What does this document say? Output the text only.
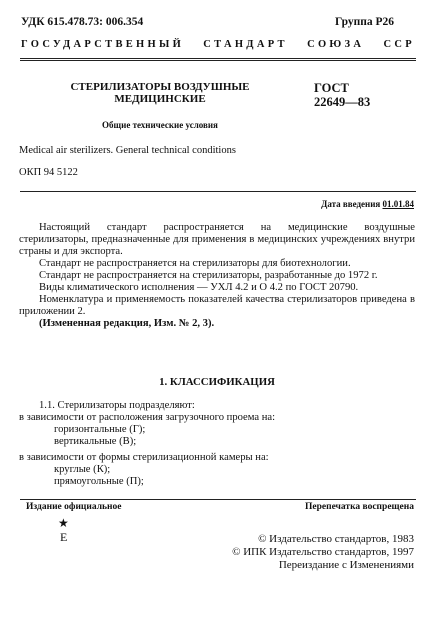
УДК 615.478.73: 006.354	Группа Р26
ГОСУДАРСТВЕННЫЙ СТАНДАРТ СОЮЗА ССР
СТЕРИЛИЗАТОРЫ ВОЗДУШНЫЕ
МЕДИЦИНСКИЕ
ГОСТ
22649—83
Общие технические условия
Medical air sterilizers. General technical conditions
ОКП 94 5122
Дата введения 01.01.84

Настоящий стандарт распространяется на медицинские воздушные стерилизаторы, предназначенные для применения в медицинских учреждениях внутри страны и для экспорта.

Стандарт не распространяется на стерилизаторы для биотехнологии.

Стандарт не распространяется на стерилизаторы, разработанные до 1972 г.

Виды климатического исполнения — УХЛ 4.2 и О 4.2 по ГОСТ 20790.

Номенклатура и применяемость показателей качества стерилизаторов приведена в приложении 2.

(Измененная редакция, Изм. № 2, 3).

1. КЛАССИФИКАЦИЯ
1.1. Стерилизаторы подразделяют:
в зависимости от расположения загрузочного проема на:
горизонтальные (Г);
вертикальные (В);
в зависимости от формы стерилизационной камеры на:
круглые (К);
прямоугольные (П);
Издание официальное	Перепечатка воспрещена
★
Е	© Издательство стандартов, 1983
© ИПК Издательство стандартов, 1997
Переиздание с Изменениями
